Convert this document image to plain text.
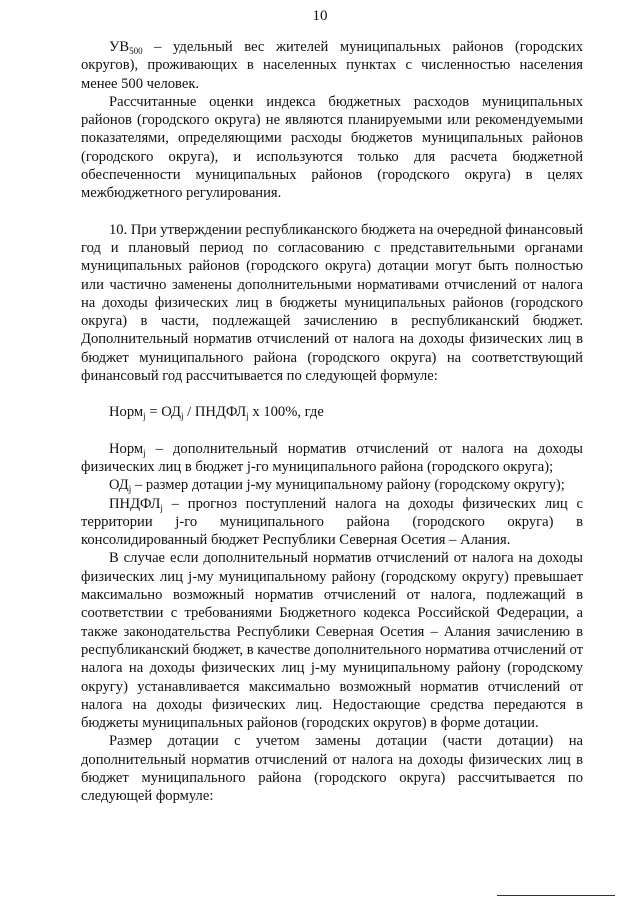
10

$УВ_{500}$ – удельный вес жителей муниципальных районов (городских округов), проживающих в населенных пунктах с численностью населения менее 500 человек.

Рассчитанные оценки индекса бюджетных расходов муниципальных районов (городского округа) не являются планируемыми или рекомендуемыми показателями, определяющими расходы бюджетов муниципальных районов (городского округа), и используются только для расчета бюджетной обеспеченности муниципальных районов (городского округа) в целях межбюджетного регулирования.

10. При утверждении республиканского бюджета на очередной финансовый год и плановый период по согласованию с представительными органами муниципальных районов (городского округа) дотации могут быть полностью или частично заменены дополнительными нормативами отчислений от налога на доходы физических лиц в бюджеты муниципальных районов (городского округа) в части, подлежащей зачислению в республиканский бюджет. Дополнительный норматив отчислений от налога на доходы физических лиц в бюджет муниципального района (городского округа) на соответствующий финансовый год рассчитывается по следующей формуле:

Норм$_j$ = $ОД_j$ / $ПНДФЛ_j$ х 100%, где

Норм$_j$ – дополнительный норматив отчислений от налога на доходы физических лиц в бюджет j-го муниципального района (городского округа);

$ОД_j$ – размер дотации j-му муниципальному району (городскому округу);

$ПНДФЛ_j$ – прогноз поступлений налога на доходы физических лиц с территории j-го муниципального района (городского округа) в консолидированный бюджет Республики Северная Осетия – Алания.

В случае если дополнительный норматив отчислений от налога на доходы физических лиц j-му муниципальному району (городскому округу) превышает максимально возможный норматив отчислений от налога, подлежащий в соответствии с требованиями Бюджетного кодекса Российской Федерации, а также законодательства Республики Северная Осетия – Алания зачислению в республиканский бюджет, в качестве дополнительного норматива отчислений от налога на доходы физических лиц j-му муниципальному району (городскому округу) устанавливается максимально возможный норматив отчислений от налога на доходы физических лиц. Недостающие средства передаются в бюджеты муниципальных районов (городских округов) в форме дотации.

Размер дотации с учетом замены дотации (части дотации) на дополнительный норматив отчислений от налога на доходы физических лиц в бюджет муниципального района (городского округа) рассчитывается по следующей формуле:
